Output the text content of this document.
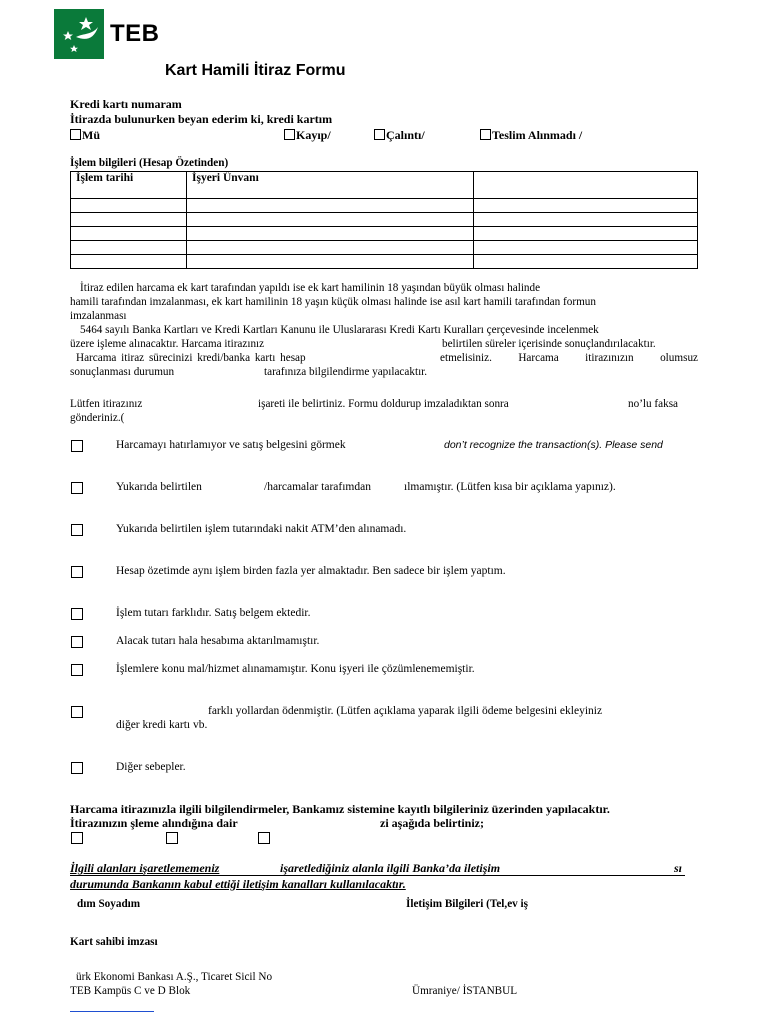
TEB
Kart Hamili İtiraz Formu
Kredi kartı numaram
İtirazda bulunurken beyan ederim ki, kredi kartım
Mü	Kayıp/	Çalıntı/	Teslim Alınmadı /
İşlem bilgileri (Hesap Özetinden)
İşlem tarihi	İşyeri Ünvanı	

İtiraz edilen harcama ek kart tarafından yapıldı ise ek kart hamilinin 18 yaşından büyük olması halinde
hamili tarafından imzalanması, ek kart hamilinin 18 yaşın küçük olması halinde ise asıl kart hamili tarafından formun
imzalanması
5464 sayılı Banka Kartları ve Kredi Kartları Kanunu ile Uluslararası Kredi Kartı Kuralları çerçevesinde incelenmek
üzere işleme alınacaktır. Harcama itirazınız	belirtilen süreler içerisinde sonuçlandırılacaktır.
Harcama itiraz sürecinizi kredi/banka kartı hesap	etmelisiniz. Harcama itirazınızın olumsuz
sonuçlanması durumun	tarafınıza bilgilendirme yapılacaktır.
Lütfen itirazınız	işareti ile belirtiniz. Formu doldurup imzaladıktan sonra	no’lu faksa
gönderiniz.(
Harcamayı hatırlamıyor ve satış belgesini görmek	don’t recognize the transaction(s). Please send
Yukarıda belirtilen	/harcamalar tarafımdan	ılmamıştır. (Lütfen kısa bir açıklama yapınız).
Yukarıda belirtilen işlem tutarındaki nakit ATM’den alınamadı.
Hesap özetimde aynı işlem birden fazla yer almaktadır. Ben sadece bir işlem yaptım.
İşlem tutarı farklıdır. Satış belgem ektedir.
Alacak tutarı hala hesabıma aktarılmamıştır.
İşlemlere konu mal/hizmet alınamamıştır. Konu işyeri ile çözümlenememiştir.
farklı yollardan ödenmiştir. (Lütfen açıklama yaparak ilgili ödeme belgesini ekleyiniz
diğer kredi kartı vb.
Diğer sebepler.
Harcama itirazınızla ilgili bilgilendirmeler, Bankamız sistemine kayıtlı bilgileriniz üzerinden yapılacaktır.
İtirazınızın şleme alındığına dair	zi aşağıda belirtiniz;
İlgili alanları işaretlememeniz	işaretlediğiniz alanla ilgili Banka’da iletişim	sı
durumunda Bankanın kabul ettiği iletişim kanalları kullanılacaktır.
dım Soyadım	İletişim Bilgileri (Tel,ev iş
Kart sahibi imzası
ürk Ekonomi Bankası A.Ş., Ticaret Sicil No
TEB Kampüs C ve D Blok	Ümraniye/ İSTANBUL
